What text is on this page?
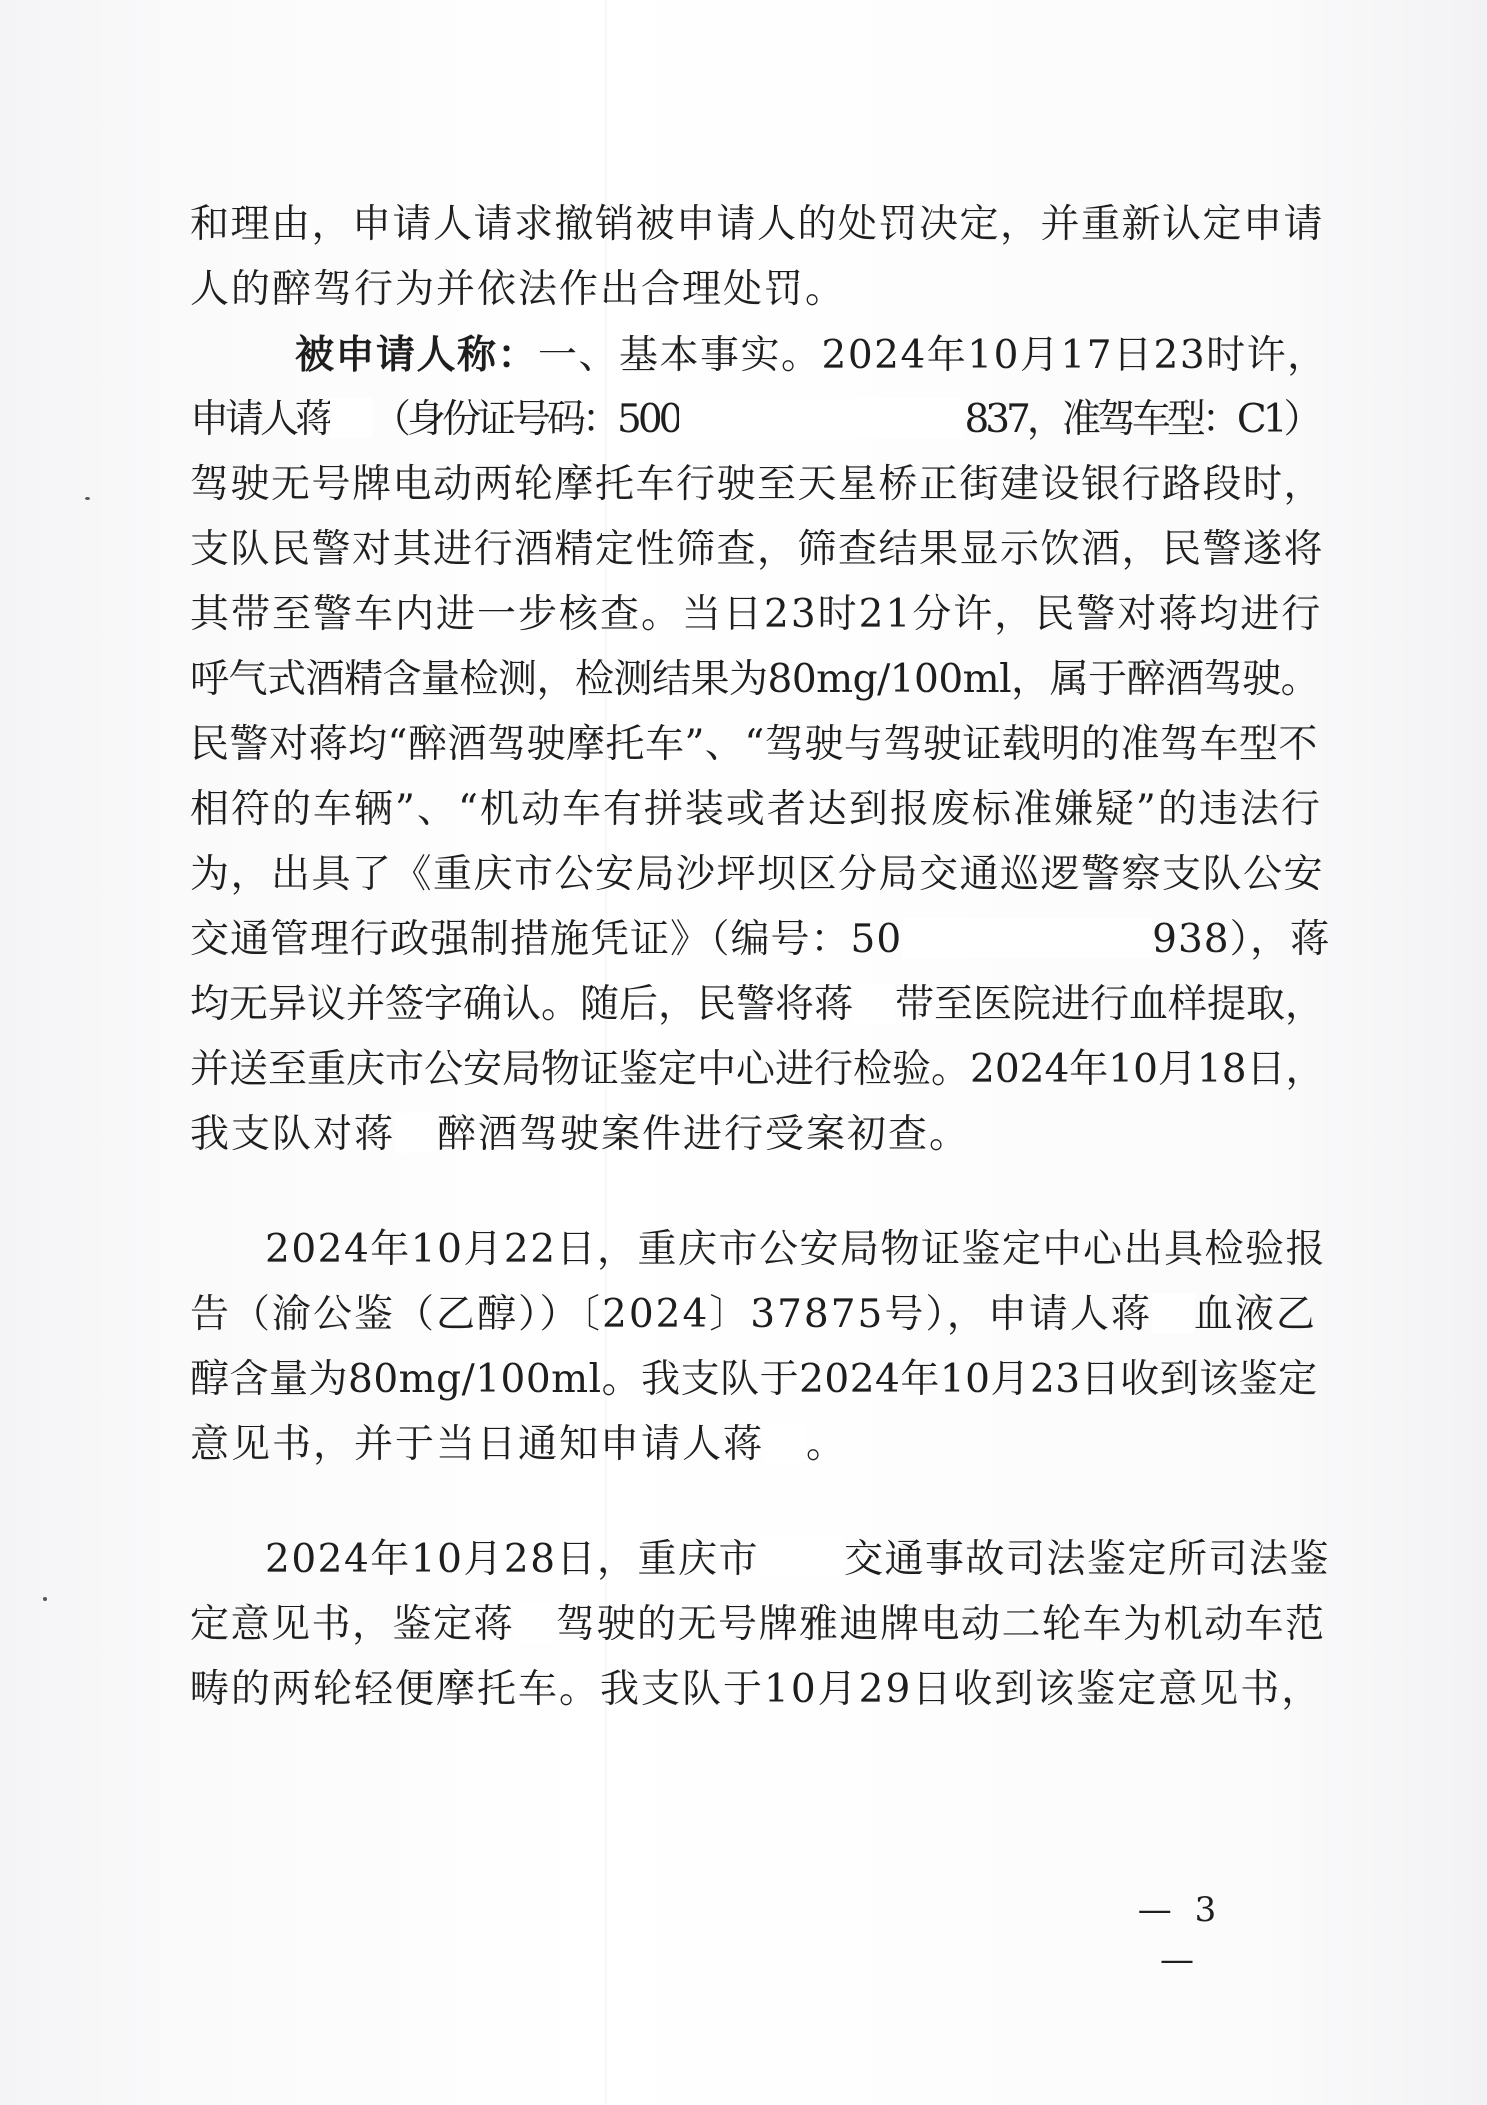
和理由，申请人请求撤销被申请人的处罚决定，并重新认定申请

人的醉驾行为并依法作出合理处罚。

被申请人称：一、基本事实。2024年10月17日23时许，

申请人蒋 （身份证号码：500	837，准驾车型：C1）

驾驶无号牌电动两轮摩托车行驶至天星桥正街建设银行路段时，

支队民警对其进行酒精定性筛查，筛查结果显示饮酒，民警遂将

其带至警车内进一步核查。当日23时21分许，民警对蒋均进行

呼气式酒精含量检测，检测结果为80mg/100ml，属于醉酒驾驶。

民警对蒋均“醉酒驾驶摩托车”、“驾驶与驾驶证载明的准驾车型不

相符的车辆”、“机动车有拼装或者达到报废标准嫌疑”的违法行

为，出具了《重庆市公安局沙坪坝区分局交通巡逻警察支队公安

交通管理行政强制措施凭证》（编号：50	938），蒋

均无异议并签字确认。随后，民警将蒋 带至医院进行血样提取，

并送至重庆市公安局物证鉴定中心进行检验。2024年10月18日，

我支队对蒋 醉酒驾驶案件进行受案初查。

2024年10月22日，重庆市公安局物证鉴定中心出具检验报

告（渝公鉴（乙醇））〔2024〕37875号），申请人蒋 血液乙

醇含量为80mg/100ml。我支队于2024年10月23日收到该鉴定

意见书，并于当日通知申请人蒋 。

2024年10月28日，重庆市 交通事故司法鉴定所司法鉴

定意见书，鉴定蒋 驾驶的无号牌雅迪牌电动二轮车为机动车范

畴的两轮轻便摩托车。我支队于10月29日收到该鉴定意见书，

— 3 —
